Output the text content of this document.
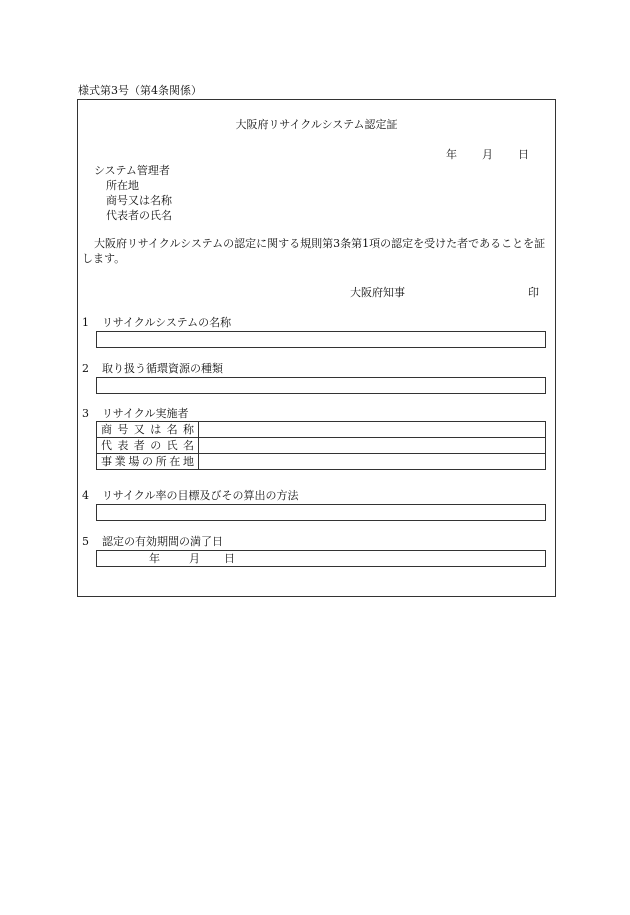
様式第3号（第4条関係）
大阪府リサイクルシステム認定証
年 月 日
システム管理者
所在地
商号又は名称
代表者の氏名
大阪府リサイクルシステムの認定に関する規則第3条第1項の認定を受けた者であることを証します。
大阪府知事	印
1 リサイクルシステムの名称
2 取り扱う循環資源の種類
3 リサイクル実施者
商号又は名称	
代表者の氏名	
事業場の所在地	
4 リサイクル率の目標及びその算出の方法
5 認定の有効期間の満了日
年	月 日
